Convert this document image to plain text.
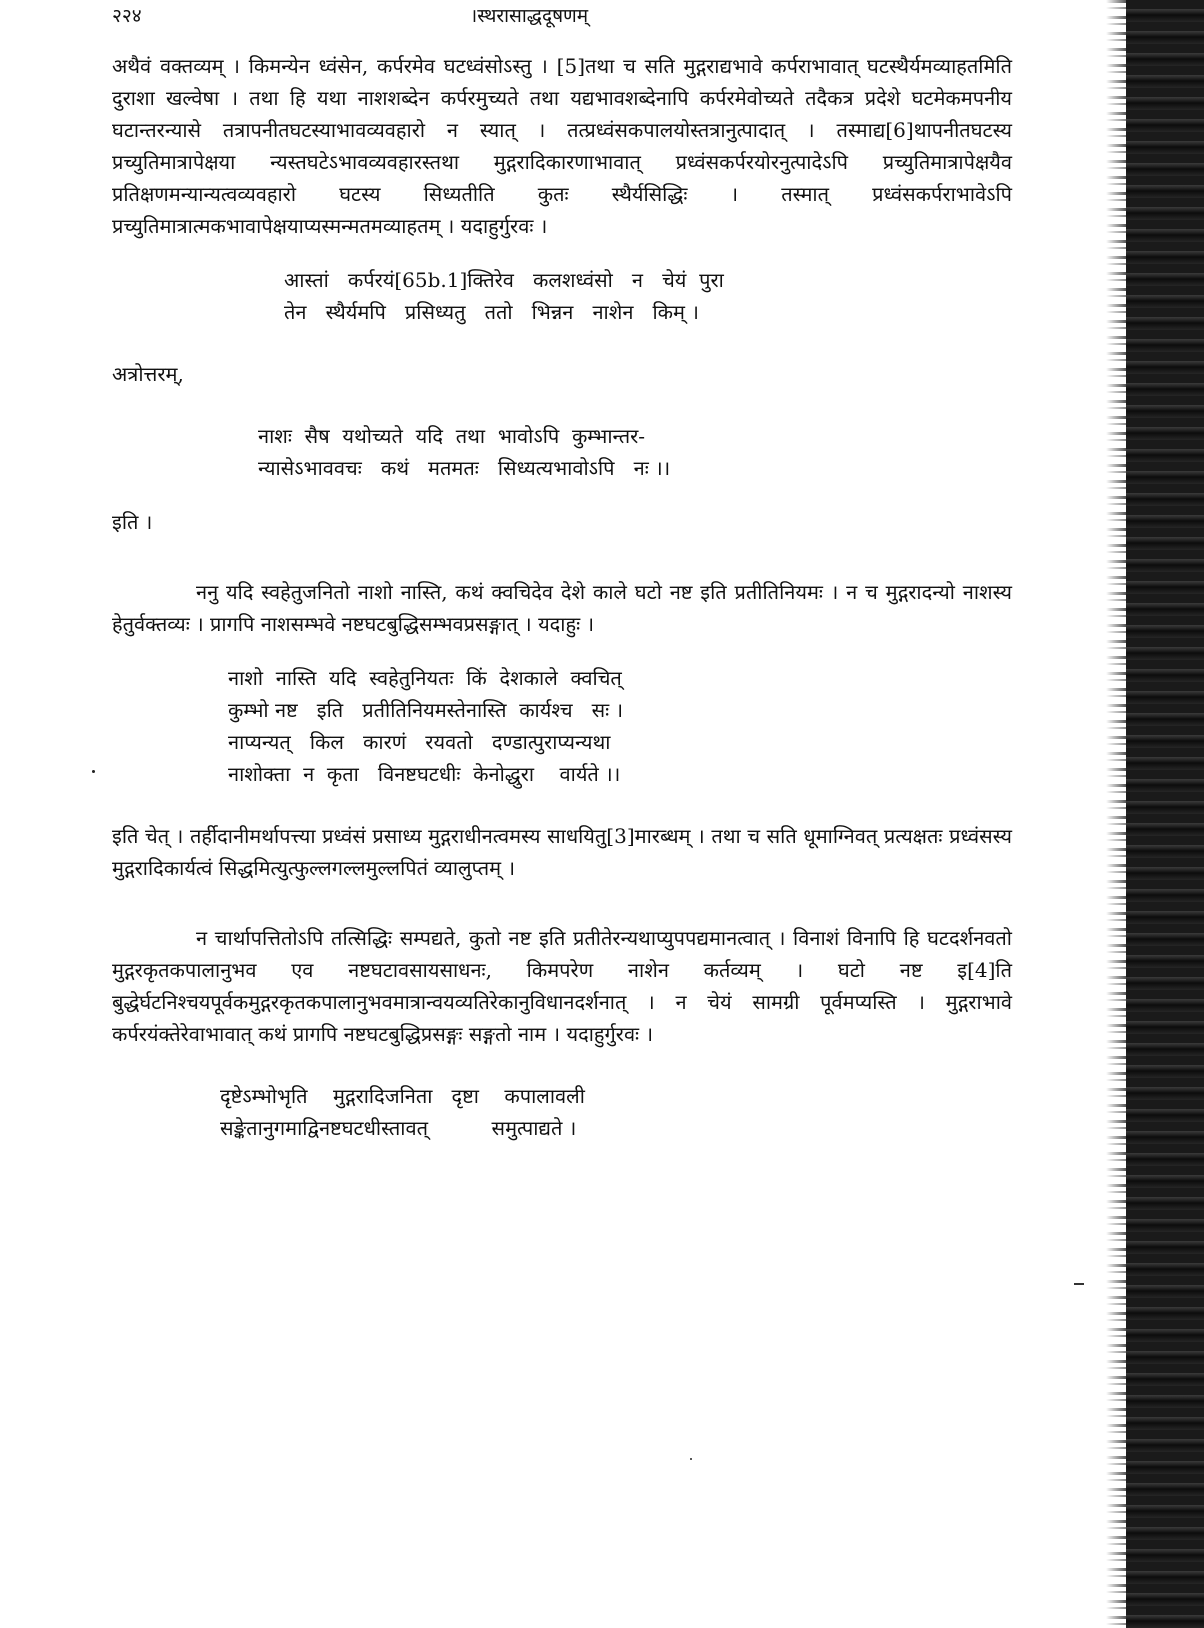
२२४	।स्थरासाद्धदूषणम्

अथैवं वक्तव्यम् । किमन्येन ध्वंसेन, कर्परमेव घटध्वंसोऽस्तु । [5]तथा च सति मुद्गराद्यभावे कर्पराभावात् घटस्थैर्यमव्याहतमिति दुराशा खल्वेषा । तथा हि यथा नाशशब्देन कर्परमुच्यते तथा यद्यभावशब्देनापि कर्परमेवोच्यते तदैकत्र प्रदेशे घटमेकमपनीय घटान्तरन्यासे तत्रापनीतघटस्याभावव्यवहारो न स्यात् । तत्प्रध्वंसकपालयोस्तत्रानुत्पादात् । तस्माद्य[6]थापनीतघटस्य प्रच्युतिमात्रापेक्षया न्यस्तघटेऽभावव्यवहारस्तथा मुद्गरादिकारणाभावात् प्रध्वंसकर्परयोरनुत्पादेऽपि प्रच्युतिमात्रापेक्षयैव प्रतिक्षणमन्यान्यत्वव्यवहारो घटस्य सिध्यतीति कुतः स्थैर्यसिद्धिः । तस्मात् प्रध्वंसकर्पराभावेऽपि प्रच्युतिमात्रात्मकभावापेक्षयाप्यस्मन्मतमव्याहतम् । यदाहुर्गुरवः ।

आस्तां   कर्परयं[65b.1]क्तिरेव   कलशध्वंसो   न   चेयं  पुरा
तेन   स्थैर्यमपि   प्रसिध्यतु   ततो   भिन्नन   नाशेन   किम् ।

अत्रोत्तरम्,

नाशः  सैष  यथोच्यते  यदि  तथा  भावोऽपि  कुम्भान्तर-
न्यासेऽभाववचः   कथं   मतमतः   सिध्यत्यभावोऽपि   नः ।।

इति ।

ननु यदि स्वहेतुजनितो नाशो नास्ति, कथं क्वचिदेव देशे काले घटो नष्ट इति प्रतीतिनियमः । न च मुद्गरादन्यो नाशस्य हेतुर्वक्तव्यः । प्रागपि नाशसम्भवे नष्टघटबुद्धिसम्भवप्रसङ्गात् । यदाहुः ।

नाशो  नास्ति  यदि  स्वहेतुनियतः  किं  देशकाले  क्वचित्
कुम्भो नष्ट   इति   प्रतीतिनियमस्तेनास्ति  कार्यश्च   सः ।
नाप्यन्यत्   किल   कारणं   रयवतो   दण्डात्पुराप्यन्यथा
नाशोक्ता  न  कृता   विनष्टघटधीः  केनोद्धुरा    वार्यते ।।

इति चेत् । तर्हीदानीमर्थापत्त्या प्रध्वंसं प्रसाध्य मुद्गराधीनत्वमस्य साधयितु[3]मारब्धम् । तथा च सति धूमाग्निवत् प्रत्यक्षतः प्रध्वंसस्य मुद्गरादिकार्यत्वं सिद्धमित्युत्फुल्लगल्लमुल्लपितं व्यालुप्तम् ।

न चार्थापत्तितोऽपि तत्सिद्धिः सम्पद्यते, कुतो नष्ट इति प्रतीतेरन्यथाप्युपपद्यमानत्वात् । विनाशं विनापि हि घटदर्शनवतो मुद्गरकृतकपालानुभव एव नष्टघटावसायसाधनः, किमपरेण नाशेन कर्तव्यम् । घटो नष्ट इ[4]ति बुद्धेर्घटनिश्चयपूर्वकमुद्गरकृतकपालानुभवमात्रान्वयव्यतिरेकानुविधानदर्शनात् । न चेयं सामग्री पूर्वमप्यस्ति । मुद्गराभावे कर्परयंक्तेरेवाभावात् कथं प्रागपि नष्टघटबुद्धिप्रसङ्गः सङ्गतो नाम । यदाहुर्गुरवः ।

दृष्टेऽम्भोभृति    मुद्गरादिजनिता   दृष्टा    कपालावली
सङ्केतानुगमाद्विनष्टघटधीस्तावत्          समुत्पाद्यते ।
